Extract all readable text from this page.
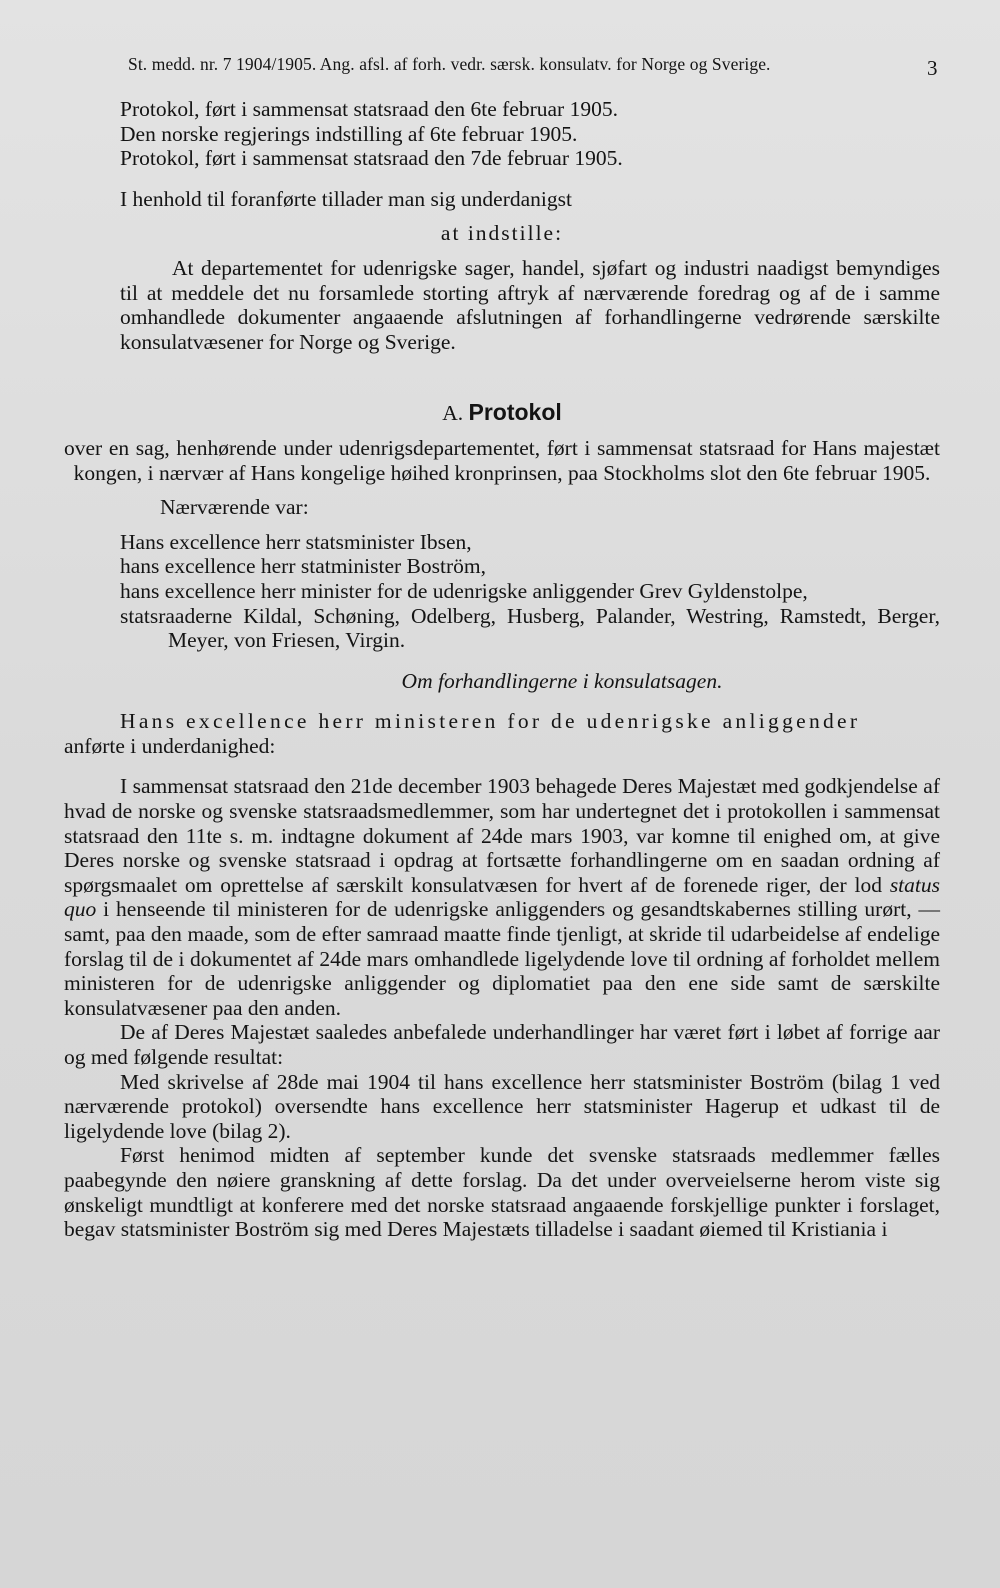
St. medd. nr. 7 1904/1905. Ang. afsl. af forh. vedr. særsk. konsulatv. for Norge og Sverige.	3

Protokol, ført i sammensat statsraad den 6te februar 1905.

Den norske regjerings indstilling af 6te februar 1905.

Protokol, ført i sammensat statsraad den 7de februar 1905.

I henhold til foranførte tillader man sig underdanigst

at indstille:

At departementet for udenrigske sager, handel, sjøfart og industri naadigst bemyndiges til at meddele det nu forsamlede storting aftryk af nærværende foredrag og af de i samme omhandlede dokumenter angaaende afslutningen af forhandlingerne vedrørende særskilte konsulatvæsener for Norge og Sverige.

A. Protokol

over en sag, henhørende under udenrigsdepartementet, ført i sammensat statsraad for Hans majestæt kongen, i nærvær af Hans kongelige høihed kronprinsen, paa Stockholms slot den 6te februar 1905.

Nærværende var:

Hans excellence herr statsminister Ibsen,

hans excellence herr statminister Boström,

hans excellence herr minister for de udenrigske anliggender Grev Gyldenstolpe,

statsraaderne Kildal, Schøning, Odelberg, Husberg, Palander, Westring, Ramstedt, Berger, Meyer, von Friesen, Virgin.

Om forhandlingerne i konsulatsagen.

Hans excellence herr ministeren for de udenrigske anliggender

anførte i underdanighed:

I sammensat statsraad den 21de december 1903 behagede Deres Majestæt med godkjendelse af hvad de norske og svenske statsraadsmedlemmer, som har undertegnet det i protokollen i sammensat statsraad den 11te s. m. indtagne dokument af 24de mars 1903, var komne til enighed om, at give Deres norske og svenske statsraad i opdrag at fortsætte forhandlingerne om en saadan ordning af spørgsmaalet om oprettelse af særskilt konsulatvæsen for hvert af de forenede riger, der lod status quo i henseende til ministeren for de udenrigske anliggenders og gesandtskabernes stilling urørt, — samt, paa den maade, som de efter samraad maatte finde tjenligt, at skride til udarbeidelse af endelige forslag til de i dokumentet af 24de mars omhandlede ligelydende love til ordning af forholdet mellem ministeren for de udenrigske anliggender og diplomatiet paa den ene side samt de særskilte konsulatvæsener paa den anden.

De af Deres Majestæt saaledes anbefalede underhandlinger har været ført i løbet af forrige aar og med følgende resultat:

Med skrivelse af 28de mai 1904 til hans excellence herr statsminister Boström (bilag 1 ved nærværende protokol) oversendte hans excellence herr statsminister Hagerup et udkast til de ligelydende love (bilag 2).

Først henimod midten af september kunde det svenske statsraads medlemmer fælles paabegynde den nøiere granskning af dette forslag. Da det under overveielserne herom viste sig ønskeligt mundtligt at konferere med det norske statsraad angaaende forskjellige punkter i forslaget, begav statsminister Boström sig med Deres Majestæts tilladelse i saadant øiemed til Kristiania i
